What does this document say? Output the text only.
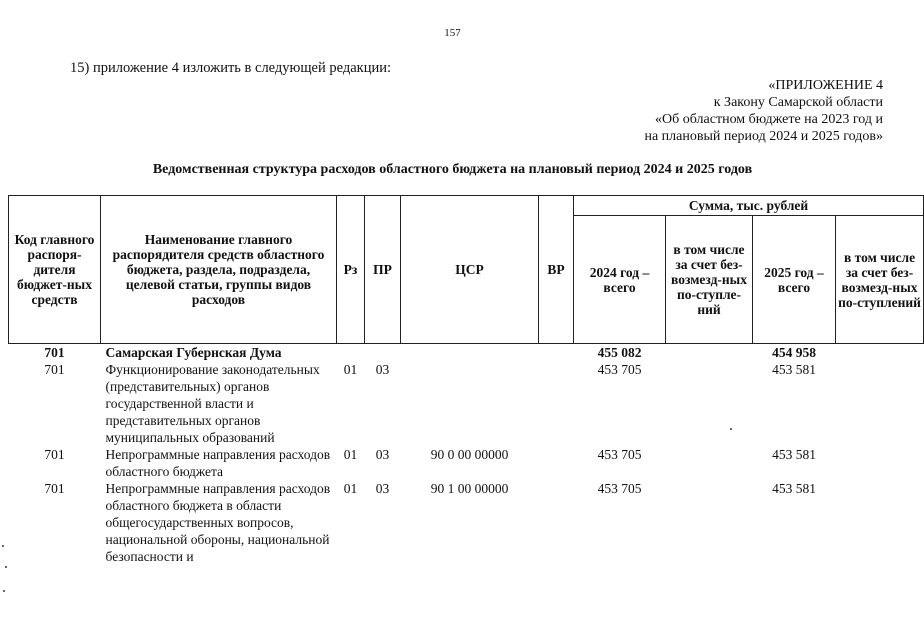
157
15) приложение 4 изложить в следующей редакции:
«ПРИЛОЖЕНИЕ 4
к Закону Самарской области
«Об областном бюджете на 2023 год и
на плановый период 2024 и 2025 годов»
Ведомственная структура расходов областного бюджета на плановый период 2024 и 2025 годов
Код главного распоря-дителя бюджет-ных средств	Наименование главного распорядителя средств областного бюджета, раздела, подраздела, целевой статьи, группы видов расходов	Рз	ПР	ЦСР	ВР	Сумма, тыс. рублей			
						2024 год – всего	в том числе за счет без-возмезд-ных по-ступле-ний	2025 год – всего	в том числе за счет без-возмезд-ных по-ступлений
701	Самарская Губернская Дума					455 082		454 958	
701	Функционирование законодательных (представительных) органов государственной власти и представительных органов муниципальных образований	01	03			453 705		453 581	
701	Непрограммные направления расходов областного бюджета	01	03	90 0 00 00000		453 705		453 581	
701	Непрограммные направления расходов областного бюджета в области общегосударственных вопросов, национальной обороны, национальной безопасности и	01	03	90 1 00 00000		453 705		453 581	
